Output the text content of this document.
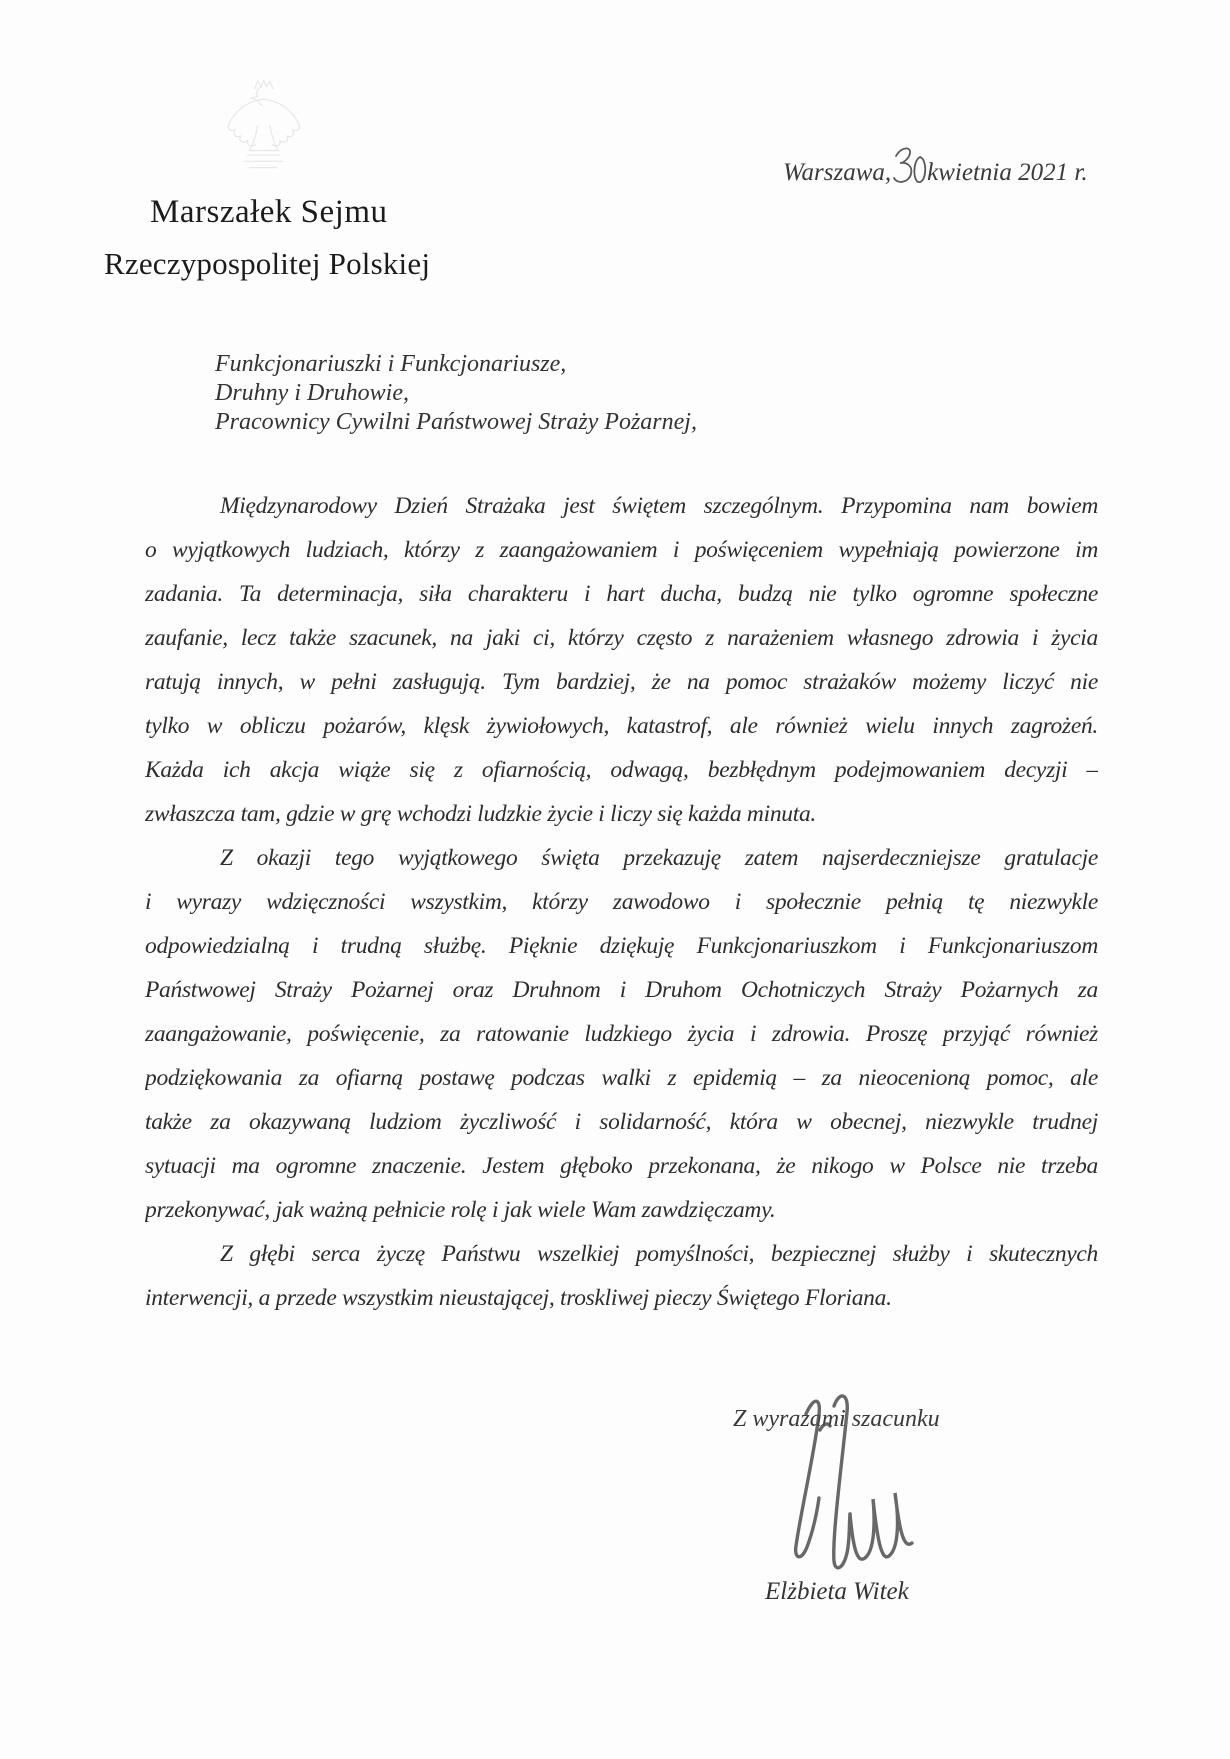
Warszawa, kwietnia 2021 r.
Marszałek Sejmu
Rzeczypospolitej Polskiej
Funkcjonariuszki i Funkcjonariusze,
Druhny i Druhowie,
Pracownicy Cywilni Państwowej Straży Pożarnej,
Międzynarodowy Dzień Strażaka jest świętem szczególnym. Przypomina nam bowiem
o wyjątkowych ludziach, którzy z zaangażowaniem i poświęceniem wypełniają powierzone im
zadania. Ta determinacja, siła charakteru i hart ducha, budzą nie tylko ogromne społeczne
zaufanie, lecz także szacunek, na jaki ci, którzy często z narażeniem własnego zdrowia i życia
ratują innych, w pełni zasługują. Tym bardziej, że na pomoc strażaków możemy liczyć nie
tylko w obliczu pożarów, klęsk żywiołowych, katastrof, ale również wielu innych zagrożeń.
Każda ich akcja wiąże się z ofiarnością, odwagą, bezbłędnym podejmowaniem decyzji –
zwłaszcza tam, gdzie w grę wchodzi ludzkie życie i liczy się każda minuta.
Z okazji tego wyjątkowego święta przekazuję zatem najserdeczniejsze gratulacje
i wyrazy wdzięczności wszystkim, którzy zawodowo i społecznie pełnią tę niezwykle
odpowiedzialną i trudną służbę. Pięknie dziękuję Funkcjonariuszkom i Funkcjonariuszom
Państwowej Straży Pożarnej oraz Druhnom i Druhom Ochotniczych Straży Pożarnych za
zaangażowanie, poświęcenie, za ratowanie ludzkiego życia i zdrowia. Proszę przyjąć również
podziękowania za ofiarną postawę podczas walki z epidemią – za nieocenioną pomoc, ale
także za okazywaną ludziom życzliwość i solidarność, która w obecnej, niezwykle trudnej
sytuacji ma ogromne znaczenie. Jestem głęboko przekonana, że nikogo w Polsce nie trzeba
przekonywać, jak ważną pełnicie rolę i jak wiele Wam zawdzięczamy.
Z głębi serca życzę Państwu wszelkiej pomyślności, bezpiecznej służby i skutecznych
interwencji, a przede wszystkim nieustającej, troskliwej pieczy Świętego Floriana.
Z wyrazami szacunku
Elżbieta Witek
